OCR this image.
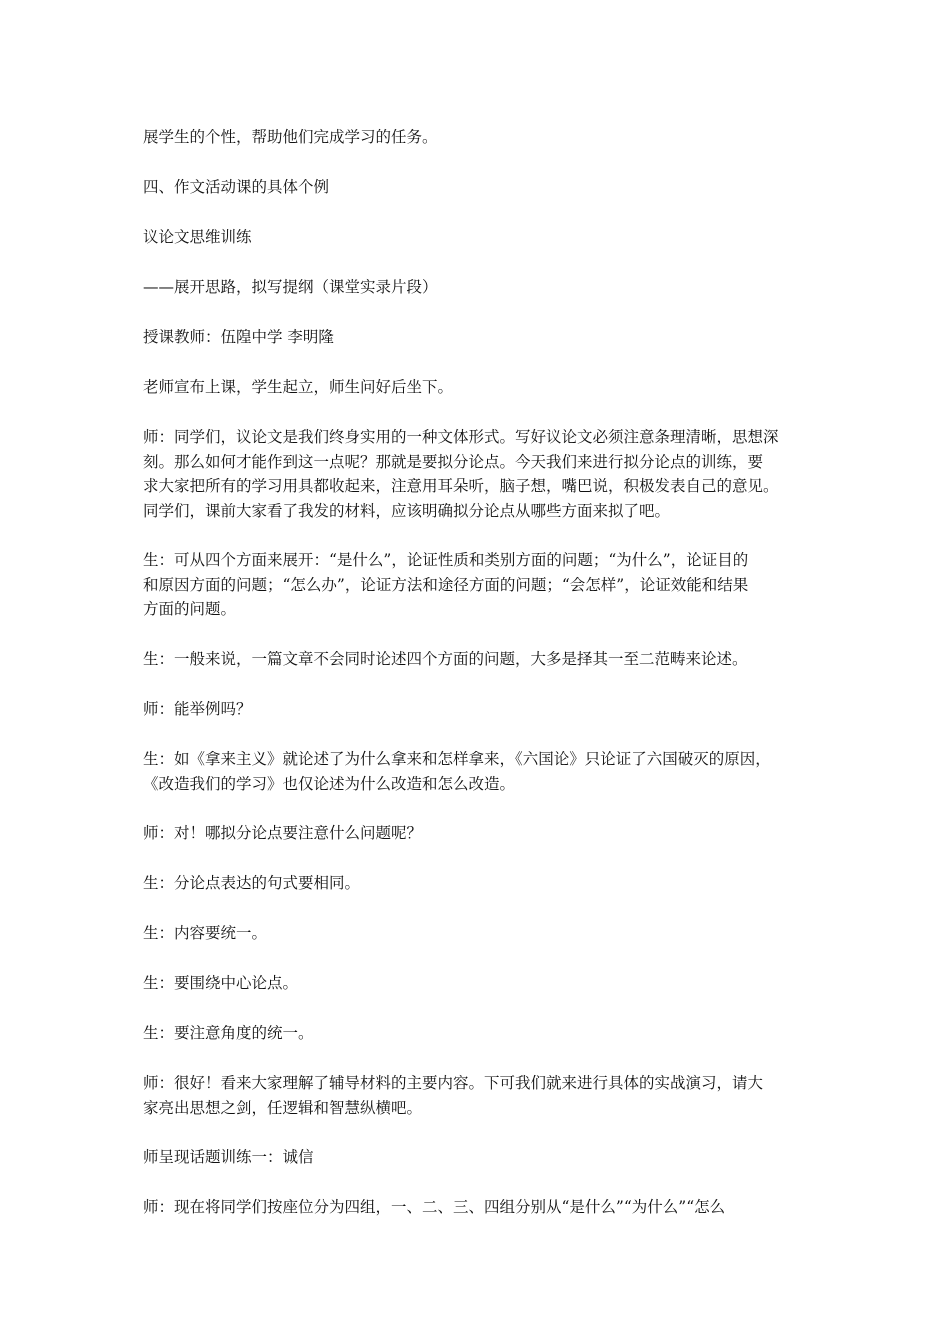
展学生的个性，帮助他们完成学习的任务。

四、作文活动课的具体个例

议论文思维训练

——展开思路，拟写提纲（课堂实录片段）

授课教师：伍隍中学 李明隆

老师宣布上课，学生起立，师生问好后坐下。

师：同学们，议论文是我们终身实用的一种文体形式。写好议论文必须注意条理清晰，思想深
刻。那么如何才能作到这一点呢？那就是要拟分论点。今天我们来进行拟分论点的训练，要
求大家把所有的学习用具都收起来，注意用耳朵听，脑子想，嘴巴说，积极发表自己的意见。
同学们，课前大家看了我发的材料，应该明确拟分论点从哪些方面来拟了吧。

生：可从四个方面来展开：“是什么”，论证性质和类别方面的问题；“为什么”，论证目的
和原因方面的问题；“怎么办”，论证方法和途径方面的问题；“会怎样”，论证效能和结果
方面的问题。

生：一般来说，一篇文章不会同时论述四个方面的问题，大多是择其一至二范畴来论述。

师：能举例吗？

生：如《拿来主义》就论述了为什么拿来和怎样拿来，《六国论》只论证了六国破灭的原因，
《改造我们的学习》也仅论述为什么改造和怎么改造。

师：对！哪拟分论点要注意什么问题呢？

生：分论点表达的句式要相同。

生：内容要统一。

生：要围绕中心论点。

生：要注意角度的统一。

师：很好！看来大家理解了辅导材料的主要内容。下可我们就来进行具体的实战演习，请大
家亮出思想之剑，任逻辑和智慧纵横吧。

师呈现话题训练一：诚信

师：现在将同学们按座位分为四组，一、二、三、四组分别从“是什么”“为什么”“怎么
